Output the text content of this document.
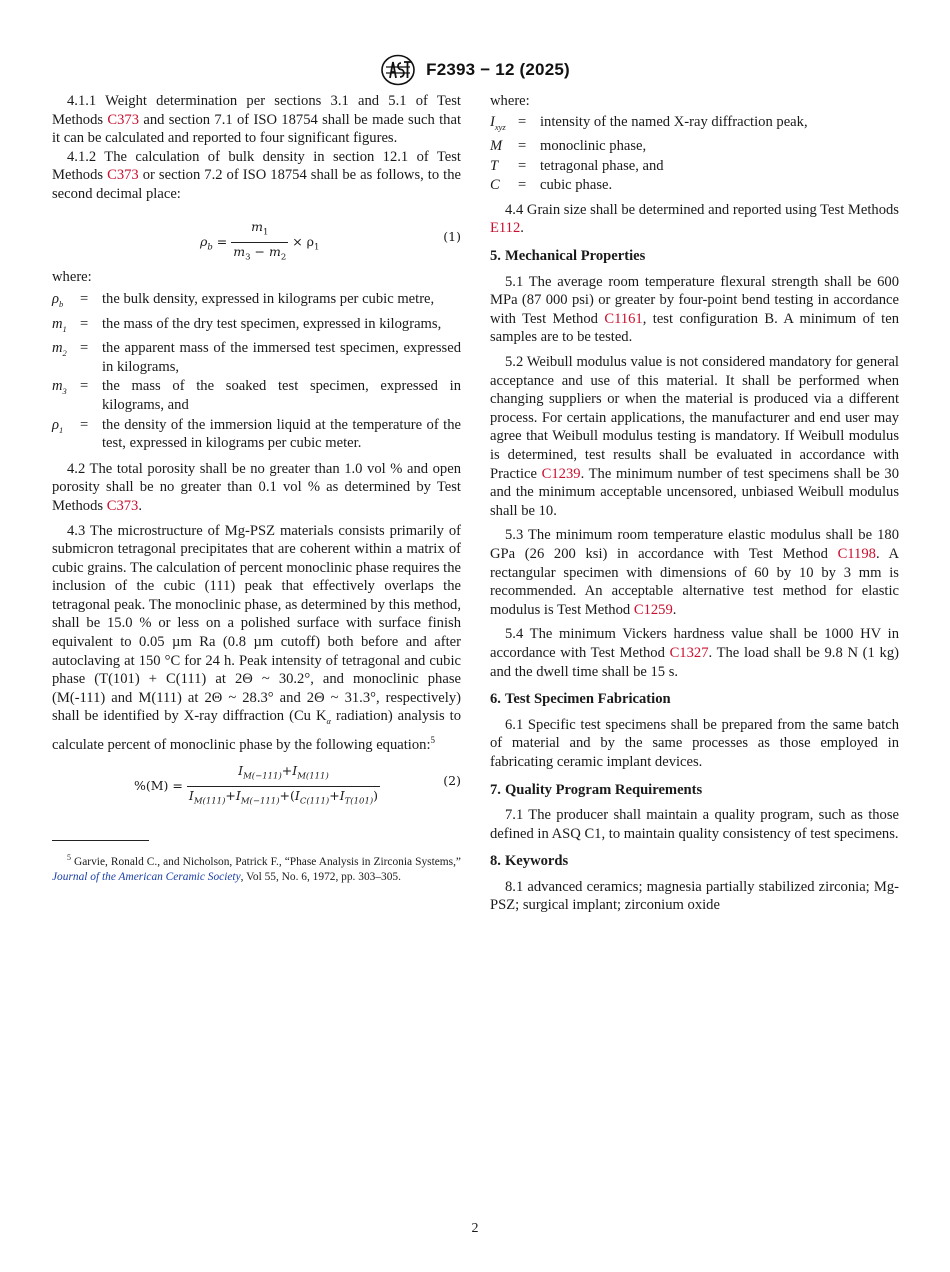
F2393 − 12 (2025)

4.1.1 Weight determination per sections 3.1 and 5.1 of Test Methods C373 and section 7.1 of ISO 18754 shall be made such that it can be calculated and reported to four significant figures.

4.1.2 The calculation of bulk density in section 12.1 of Test Methods C373 or section 7.2 of ISO 18754 shall be as follows, to the second decimal place:

$\rho_b = \frac{m_1}{m_3 - m_2} \times \rho_1$
(1)

where:

$\rho_b$	= the bulk density, expressed in kilograms per cubic metre,
$m_1$ = the mass of the dry test specimen, expressed in kilograms,
$m_2$ = the apparent mass of the immersed test specimen, expressed in kilograms,
$m_3$ = the mass of the soaked test specimen, expressed in kilograms, and
$\rho_1$	= the density of the immersion liquid at the temperature of the test, expressed in kilograms per cubic meter.

4.2 The total porosity shall be no greater than 1.0 vol % and open porosity shall be no greater than 0.1 vol % as determined by Test Methods C373.

4.3 The microstructure of Mg-PSZ materials consists primarily of submicron tetragonal precipitates that are coherent within a matrix of cubic grains. The calculation of percent monoclinic phase requires the inclusion of the cubic (111) peak that effectively overlaps the tetragonal peak. The monoclinic phase, as determined by this method, shall be 15.0 % or less on a polished surface with surface finish equivalent to 0.05 µm Ra (0.8 µm cutoff) both before and after autoclaving at 150 °C for 24 h. Peak intensity of tetragonal and cubic phase (T(101) + C(111) at 2Θ ~ 30.2°, and monoclinic phase (M(-111) and M(111) at 2Θ ~ 28.3° and 2Θ ~ 31.3°, respectively) shall be identified by X-ray diffraction (Cu $K_\alpha$ radiation) analysis to calculate percent of monoclinic phase by the following equation:$^5$

$\%(M) = \frac{I_{M(-111)}+I_{M(111)}}{I_{M(111)}+I_{M(-111)}+(I_{C(111)}+I_{T(101)})}$	(2)

$^5$ Garvie, Ronald C., and Nicholson, Patrick F., “Phase Analysis in Zirconia Systems,” Journal of the American Ceramic Society, Vol 55, No. 6, 1972, pp. 303–305.

where:

$I_{xyz}$ = intensity of the named X-ray diffraction peak,
M	= monoclinic phase,
T	= tetragonal phase, and
C	= cubic phase.

4.4 Grain size shall be determined and reported using Test Methods E112.

5. Mechanical Properties

5.1 The average room temperature flexural strength shall be 600 MPa (87 000 psi) or greater by four-point bend testing in accordance with Test Method C1161, test configuration B. A minimum of ten samples are to be tested.

5.2 Weibull modulus value is not considered mandatory for general acceptance and use of this material. It shall be performed when changing suppliers or when the material is produced via a different process. For certain applications, the manufacturer and end user may agree that Weibull modulus testing is mandatory. If Weibull modulus is determined, test results shall be evaluated in accordance with Practice C1239. The minimum number of test specimens shall be 30 and the minimum acceptable uncensored, unbiased Weibull modulus shall be 10.

5.3 The minimum room temperature elastic modulus shall be 180 GPa (26 200 ksi) in accordance with Test Method C1198. A rectangular specimen with dimensions of 60 by 10 by 3 mm is recommended. An acceptable alternative test method for elastic modulus is Test Method C1259.

5.4 The minimum Vickers hardness value shall be 1000 HV in accordance with Test Method C1327. The load shall be 9.8 N (1 kg) and the dwell time shall be 15 s.

6. Test Specimen Fabrication

6.1 Specific test specimens shall be prepared from the same batch of material and by the same processes as those employed in fabricating ceramic implant devices.

7. Quality Program Requirements

7.1 The producer shall maintain a quality program, such as those defined in ASQ C1, to maintain quality consistency of test specimens.

8. Keywords

8.1 advanced ceramics; magnesia partially stabilized zirconia; Mg-PSZ; surgical implant; zirconium oxide

2
